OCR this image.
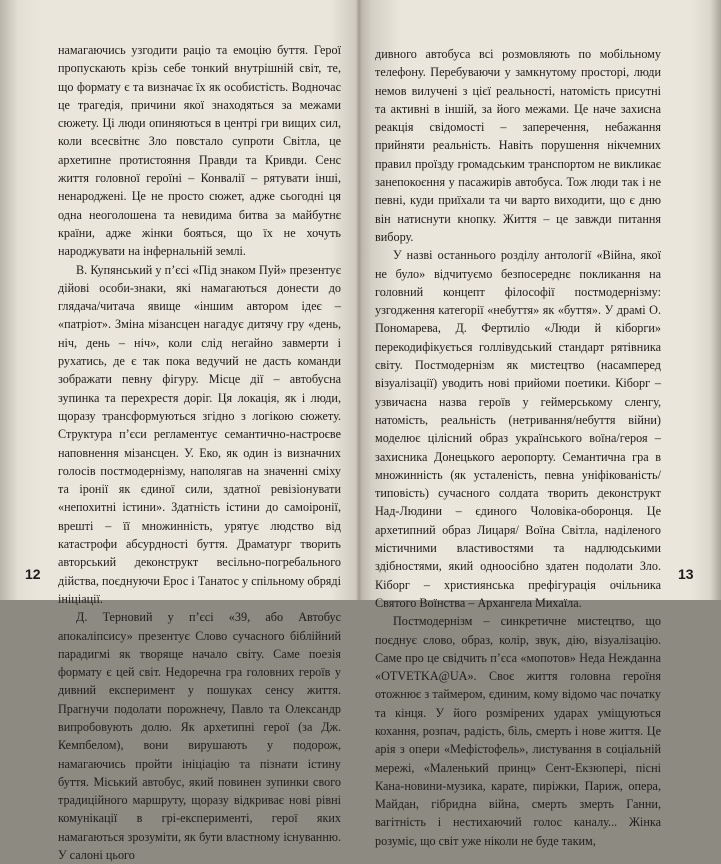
намагаючись узгодити раціо та емоцію буття. Герої пропускають крізь себе тонкий внутрішній світ, те, що формату є та визначає їх як особистість. Водночас це трагедія, причини якої знаходяться за межами сюжету. Ці люди опиняються в центрі гри вищих сил, коли всесвітнє Зло повстало супроти Світла, це архетипне протистояння Правди та Кривди. Сенс життя головної героїні – Конвалії – рятувати інші, ненароджені. Це не просто сюжет, адже сьогодні ця одна неоголошена та невидима битва за майбутнє країни, адже жінки бояться, що їх не хочуть народжувати на інфернальній землі.

В. Купянський у п’єсі «Під знаком Пуй» презентує дійові особи-знаки, які намагаються донести до глядача/читача явище «іншим автором ідеє – «патріот». Зміна мізансцен нагадує дитячу гру «день, ніч, день – ніч», коли слід негайно завмерти і рухатись, де є так пока ведучий не дасть команди зображати певну фігуру. Місце дії – автобусна зупинка та перехрестя доріг. Ця локація, як і люди, щоразу трансформуються згідно з логікою сюжету. Структура п’єси регламентує семантично-настроєве наповнення мізансцен. У. Еко, як один із визначних голосів постмодернізму, наполягав на значенні сміху та іронії як єдиної сили, здатної ревізіонувати «непохитні істини». Здатність істини до самоіронії, врешті – її множинність, урятує людство від катастрофи абсурдності буття. Драматург творить авторський деконструкт весільно-погребального дійства, поєднуючи Ерос і Танатос у спільному обряді ініціації.

Д. Терновий у п’єсі «39, або Автобус апокаліпсису» презентує Слово сучасного біблійний парадигмі як творяще начало світу. Саме поезія формату є цей світ. Недоречна гра головних героїв у дивний експеримент у пошуках сенсу життя. Прагнучи подолати порожнечу, Павло та Олександр випробовують долю. Як архетипні герої (за Дж. Кемпбелом), вони вирушають у подорож, намагаючись пройти ініціацію та пізнати істину буття. Міський автобус, який повинен зупинки свого традиційного маршруту, щоразу відкриває нові рівні комунікації в грі-експерименті, герої яких намагаються зрозуміти, як бути властному існуванню. У салоні цього

12

дивного автобуса всі розмовляють по мобільному телефону. Перебуваючи у замкнутому просторі, люди немов вилучені з цієї реальності, натомість присутні та активні в іншій, за його межами. Це наче захисна реакція свідомості – заперечення, небажання прийняти реальність. Навіть порушення нікчемних правил проїзду громадським транспортом не викликає занепокоєння у пасажирів автобуса. Тож люди так і не певні, куди приїхали та чи варто виходити, що є дню він натиснути кнопку. Життя – це завжди питання вибору.

У назві останнього розділу антології «Війна, якої не було» відчитуємо безпосереднє покликання на головний концепт філософії постмодернізму: узгодження категорії «небуття» як «буття». У драмі О. Пономарева, Д. Фертиліо «Люди й кіборги» перекодифікується голлівудський стандарт рятівника світу. Постмодернізм як мистецтво (насамперед візуалізації) уводить нові прийоми поетики. Кіборг – узвичаєна назва героїв у геймерському сленгу, натомість, реальність (нетривання/небуття війни) моделює цілісний образ українського воїна/героя – захисника Донецького аеропорту. Семантична гра в множинність (як усталеність, певна уніфікованість/типовість) сучасного солдата творить деконструкт Над-Людини – єдиного Чоловіка-оборонця. Це архетипний образ Лицаря/ Воїна Світла, наділеного містичними властивостями та надлюдськими здібностями, який одноосібно здатен подолати Зло. Кіборг – християнська префігурація очільника Святого Воїнства – Архангела Михаїла.

Постмодернізм – синкретичне мистецтво, що поєднує слово, образ, колір, звук, дію, візуалізацію. Саме про це свідчить п’єса «мопотов» Неда Нежданна «OTVETKA@UA». Своє життя головна героїня отожнює з таймером, єдиним, кому відомо час початку та кінця. У його розмірених ударах уміщуються кохання, розпач, радість, біль, смерть і нове життя. Це арія з опери «Мефістофель», листування в соціальній мережі, «Маленький принц» Сент-Екзюпері, пісні Кана-новини-музика, карате, пиріжки, Париж, опера, Майдан, гібридна війна, смерть змерть Ганни, вагітність і нестихаючий голос каналу... Жінка розуміє, що світ уже ніколи не буде таким,

13
